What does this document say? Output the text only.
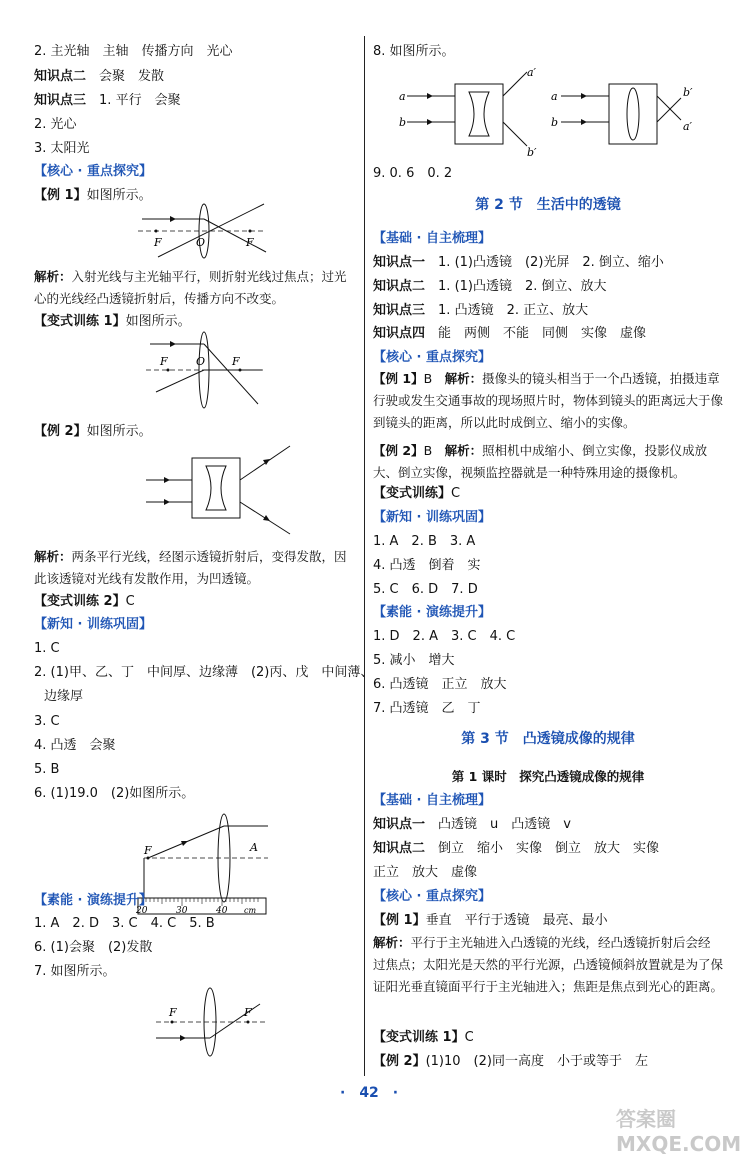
2. 主光轴　主轴　传播方向　光心
知识点二　 会聚　发散
知识点三　 1. 平行　会聚
2. 光心
3. 太阳光
【核心 · 重点探究】
【例 1】如图所示。
F	O	F
解析：入射光线与主光轴平行，则折射光线过焦点；过光心的光线经凸透镜折射后，传播方向不改变。
【变式训练 1】如图所示。
F	O F
【例 2】如图所示。
解析：两条平行光线，经图示透镜折射后，变得发散，因此该透镜对光线有发散作用，为凹透镜。
【变式训练 2】C
【新知 · 训练巩固】
1. C
2. (1)甲、乙、丁　中间厚、边缘薄　(2)丙、戊　中间薄、
边缘厚
3. C
4. 凸透　会聚
5. B
6. (1)19.0　(2)如图所示。
F	A
20	30	40 cm
【素能 · 演练提升】
1. A　2. D　3. C　4. C　5. B
6. (1)会聚　(2)发散
7. 如图所示。
F	F
8. 如图所示。
a
b
a′
b′
a
b
b′
a′
9. 0. 6　0. 2
第 2 节　生活中的透镜
【基础 · 自主梳理】
知识点一　 1. (1)凸透镜　(2)光屏　2. 倒立、缩小
知识点二　 1. (1)凸透镜　2. 倒立、放大
知识点三　 1. 凸透镜　2. 正立、放大
知识点四　 能　两侧　不能　同侧　实像　虚像
【核心 · 重点探究】
【例 1】B　 解析：摄像头的镜头相当于一个凸透镜，拍摄违章行驶或发生交通事故的现场照片时，物体到镜头的距离远大于像到镜头的距离，所以此时成倒立、缩小的实像。
【例 2】B　 解析：照相机中成缩小、倒立实像，投影仪成放大、倒立实像，视频监控器就是一种特殊用途的摄像机。
【变式训练】C
【新知 · 训练巩固】
1. A　2. B　3. A
4. 凸透　倒着　实
5. C　6. D　7. D
【素能 · 演练提升】
1. D　2. A　3. C　4. C
5. 减小　增大
6. 凸透镜　正立　放大
7. 凸透镜　乙　丁
第 3 节　凸透镜成像的规律
第 1 课时　探究凸透镜成像的规律
【基础 · 自主梳理】
知识点一　 凸透镜　u　凸透镜　v
知识点二　 倒立　缩小　实像　倒立　放大　实像
正立　放大　虚像
【核心 · 重点探究】
【例 1】垂直　平行于透镜　最亮、最小
解析：平行于主光轴进入凸透镜的光线，经凸透镜折射后会经过焦点；太阳光是天然的平行光源，凸透镜倾斜放置就是为了保证阳光垂直镜面平行于主光轴进入；焦距是焦点到光心的距离。
【变式训练 1】C
【例 2】(1)10　(2)同一高度　小于或等于　左
·　42　·
答案圈 MXQE.COM
